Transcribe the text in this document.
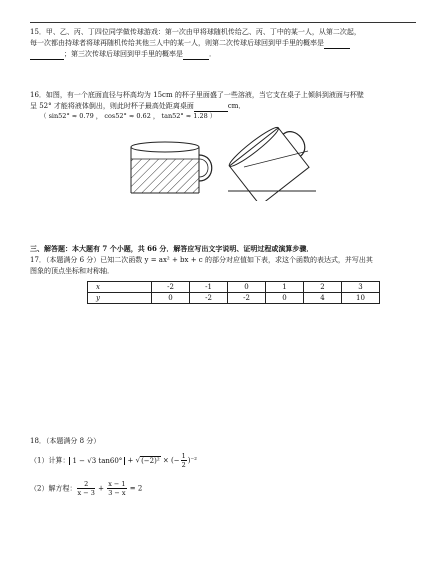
15．甲、乙、丙、丁四位同学做传球游戏：第一次由甲将球随机传给乙、丙、丁中的某一人，从第二次起，
每一次都由持球者将球再随机传给其他三人中的某一人，则第二次传球后球回到甲手里的概率是
；第三次传球后球回到甲手里的概率是	．
16．如图，有一个底面直径与杯高均为 15cm 的杯子里面盛了一些溶液，当它支在桌子上倾斜到液面与杯壁
呈 52° 才能将液体倒出，则此时杯子最高处距离桌面	cm．
（ sin52° ≈ 0.79 ， cos52° ≈ 0.62 ， tan52° ≈ 1.28 ）
三、解答题：本大题有 7 个小题，共 66 分．解答应写出文字说明、证明过程或演算步骤．
17．（本题满分 6 分）已知二次函数 y = ax² + bx + c 的部分对应值如下表，求这个函数的表达式，并写出其
图象的顶点坐标和对称轴．
x	-2	-1	0	1	2	3
y	0	-2	-2	0	4	10
18．（本题满分 8 分）
（1）计算： 1 − √3 tan60° + √(−2)² × (− $\frac{1}{2} )^{-2}$
（2）解方程： $\frac{2}{x - 3} + \frac{x - 1}{3 - x} = 2$
